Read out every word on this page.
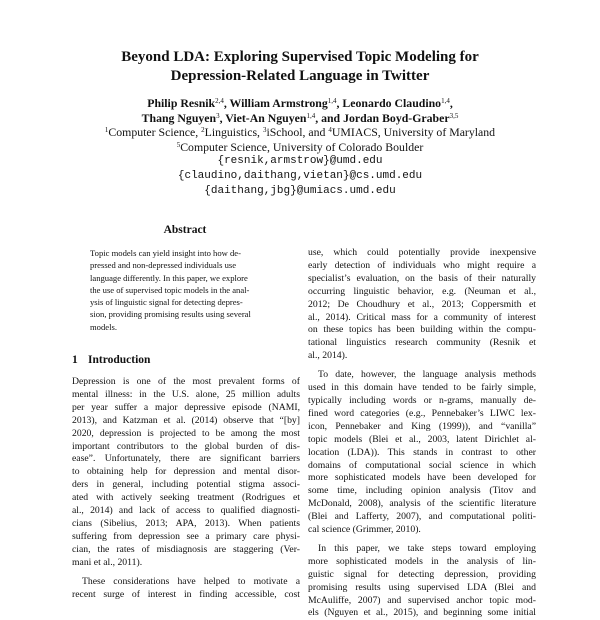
Beyond LDA: Exploring Supervised Topic Modeling for
Depression-Related Language in Twitter
Philip Resnik$^{2,4}$, William Armstrong$^{1,4}$, Leonardo Claudino$^{1,4}$,
Thang Nguyen$^3$, Viet-An Nguyen$^{1,4}$, and Jordan Boyd-Graber$^{3,5}$
$^1$Computer Science, $^2$Linguistics, $^3$iSchool, and $^4$UMIACS, University of Maryland
$^5$Computer Science, University of Colorado Boulder
{resnik,armstrow}@umd.edu
{claudino,daithang,vietan}@cs.umd.edu
{daithang,jbg}@umiacs.umd.edu
Abstract
Topic models can yield insight into how de-
pressed and non-depressed individuals use
language differently. In this paper, we explore
the use of supervised topic models in the anal-
ysis of linguistic signal for detecting depres-
sion, providing promising results using several
models.
1 Introduction
Depression is one of the most prevalent forms of
mental illness: in the U.S. alone, 25 million adults
per year suffer a major depressive episode (NAMI,
2013), and Katzman et al. (2014) observe that “[by]
2020, depression is projected to be among the most
important contributors to the global burden of dis-
ease”. Unfortunately, there are significant barriers
to obtaining help for depression and mental disor-
ders in general, including potential stigma associ-
ated with actively seeking treatment (Rodrigues et
al., 2014) and lack of access to qualified diagnosti-
cians (Sibelius, 2013; APA, 2013). When patients
suffering from depression see a primary care physi-
cian, the rates of misdiagnosis are staggering (Ver-
mani et al., 2011).
These considerations have helped to motivate a
recent surge of interest in finding accessible, cost
use, which could potentially provide inexpensive
early detection of individuals who might require a
specialist’s evaluation, on the basis of their naturally
occurring linguistic behavior, e.g. (Neuman et al.,
2012; De Choudhury et al., 2013; Coppersmith et
al., 2014). Critical mass for a community of interest
on these topics has been building within the compu-
tational linguistics research community (Resnik et
al., 2014).
To date, however, the language analysis methods
used in this domain have tended to be fairly simple,
typically including words or n-grams, manually de-
fined word categories (e.g., Pennebaker’s LIWC lex-
icon, Pennebaker and King (1999)), and “vanilla”
topic models (Blei et al., 2003, latent Dirichlet al-
location (LDA)). This stands in contrast to other
domains of computational social science in which
more sophisticated models have been developed for
some time, including opinion analysis (Titov and
McDonald, 2008), analysis of the scientific literature
(Blei and Lafferty, 2007), and computational politi-
cal science (Grimmer, 2010).
In this paper, we take steps toward employing
more sophisticated models in the analysis of lin-
guistic signal for detecting depression, providing
promising results using supervised LDA (Blei and
McAuliffe, 2007) and supervised anchor topic mod-
els (Nguyen et al., 2015), and beginning some initial
